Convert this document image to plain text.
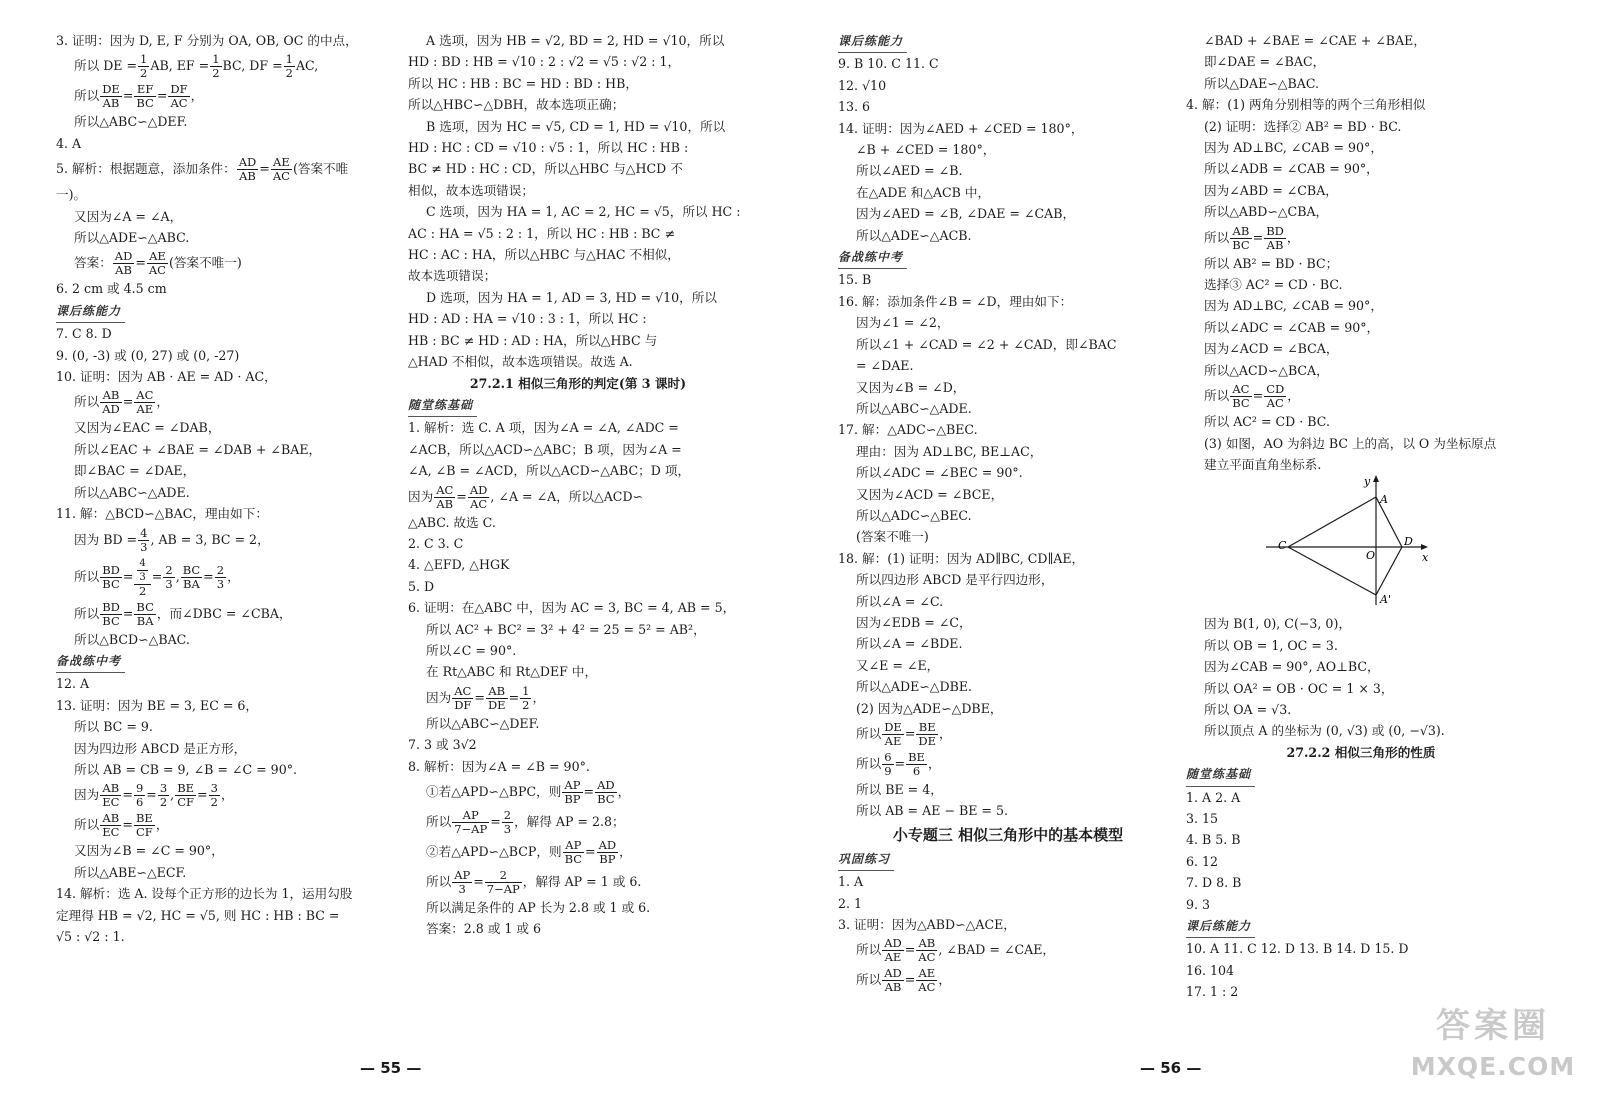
3. 证明：因为 D, E, F 分别为 OA, OB, OC 的中点，
所以 DE = $\frac{1}{2}$ AB, EF = $\frac{1}{2}$ BC, DF = $\frac{1}{2}$ AC,
所以 $\frac{DE}{AB} = \frac{EF}{BC} = \frac{DF}{AC}$ ，
所以△ABC∽△DEF.
4. A
5. 解析：根据题意，添加条件： $\frac{AD}{AB} = \frac{AE}{AC}$ (答案不唯
一)。
又因为∠A = ∠A，
所以△ADE∽△ABC.
答案： $\frac{AD}{AB} = \frac{AE}{AC}$ (答案不唯一)
6. 2 cm 或 4.5 cm
课后练能力
7. C 8. D
9. (0, -3) 或 (0, 27) 或 (0, -27)
10. 证明：因为 AB · AE = AD · AC，
所以 $\frac{AB}{AD} = \frac{AC}{AE}$ ，
又因为∠EAC = ∠DAB，
所以∠EAC + ∠BAE = ∠DAB + ∠BAE，
即∠BAC = ∠DAE，
所以△ABC∽△ADE.
11. 解：△BCD∽△BAC，理由如下：
因为 BD = $\frac{4}{3}$ , AB = 3, BC = 2，
所以 $\frac{BD}{BC} = \frac{\frac{4}{3}}{2} = \frac{2}{3}$ , $\frac{BC}{BA} = \frac{2}{3}$ ，
所以 $\frac{BD}{BC} = \frac{BC}{BA}$ ，而∠DBC = ∠CBA，
所以△BCD∽△BAC.
备战练中考
12. A
13. 证明：因为 BE = 3, EC = 6，
所以 BC = 9.
因为四边形 ABCD 是正方形，
所以 AB = CB = 9, ∠B = ∠C = 90°.
因为 $\frac{AB}{EC} = \frac{9}{6} = \frac{3}{2}$ , $\frac{BE}{CF} = \frac{3}{2}$ ，
所以 $\frac{AB}{EC} = \frac{BE}{CF}$ ，
又因为∠B = ∠C = 90°，
所以△ABE∽△ECF.
14. 解析：选 A. 设每个正方形的边长为 1，运用勾股
定理得 HB = √2, HC = √5, 则 HC : HB : BC =
√5 : √2 : 1.
A 选项，因为 HB = √2, BD = 2, HD = √10，所以
HD : BD : HB = √10 : 2 : √2 = √5 : √2 : 1，
所以 HC : HB : BC = HD : BD : HB，
所以△HBC∽△DBH，故本选项正确；
B 选项，因为 HC = √5, CD = 1, HD = √10，所以
HD : HC : CD = √10 : √5 : 1，所以 HC : HB :
BC ≠ HD : HC : CD，所以△HBC 与△HCD 不
相似，故本选项错误；
C 选项，因为 HA = 1, AC = 2, HC = √5，所以 HC :
AC : HA = √5 : 2 : 1，所以 HC : HB : BC ≠
HC : AC : HA，所以△HBC 与△HAC 不相似，
故本选项错误；
D 选项，因为 HA = 1, AD = 3, HD = √10，所以
HD : AD : HA = √10 : 3 : 1，所以 HC :
HB : BC ≠ HD : AD : HA，所以△HBC 与
△HAD 不相似，故本选项错误。故选 A.
27.2.1 相似三角形的判定(第 3 课时)
随堂练基础
1. 解析：选 C. A 项，因为∠A = ∠A, ∠ADC =
∠ACB，所以△ACD∽△ABC；B 项，因为∠A =
∠A, ∠B = ∠ACD，所以△ACD∽△ABC；D 项，
因为 $\frac{AC}{AB} = \frac{AD}{AC}$ , ∠A = ∠A，所以△ACD∽
△ABC. 故选 C.
2. C 3. C
4. △EFD, △HGK
5. D
6. 证明：在△ABC 中，因为 AC = 3, BC = 4, AB = 5，
所以 AC² + BC² = 3² + 4² = 25 = 5² = AB²，
所以∠C = 90°.
在 Rt△ABC 和 Rt△DEF 中，
因为 $\frac{AC}{DF} = \frac{AB}{DE} = \frac{1}{2}$ ，
所以△ABC∽△DEF.
7. 3 或 3√2
8. 解析：因为∠A = ∠B = 90°.
①若△APD∽△BPC，则 $\frac{AP}{BP} = \frac{AD}{BC}$ ，
所以 $\frac{AP}{7-AP} = \frac{2}{3}$ ，解得 AP = 2.8；
②若△APD∽△BCP，则 $\frac{AP}{BC} = \frac{AD}{BP}$ ，
所以 $\frac{AP}{3} = \frac{2}{7-AP}$ ，解得 AP = 1 或 6.
所以满足条件的 AP 长为 2.8 或 1 或 6.
答案：2.8 或 1 或 6
课后练能力
9. B 10. C 11. C
12. √10
13. 6
14. 证明：因为∠AED + ∠CED = 180°，
∠B + ∠CED = 180°，
所以∠AED = ∠B.
在△ADE 和△ACB 中，
因为∠AED = ∠B, ∠DAE = ∠CAB，
所以△ADE∽△ACB.
备战练中考
15. B
16. 解：添加条件∠B = ∠D，理由如下：
因为∠1 = ∠2，
所以∠1 + ∠CAD = ∠2 + ∠CAD，即∠BAC
= ∠DAE.
又因为∠B = ∠D，
所以△ABC∽△ADE.
17. 解：△ADC∽△BEC.
理由：因为 AD⊥BC, BE⊥AC，
所以∠ADC = ∠BEC = 90°.
又因为∠ACD = ∠BCE，
所以△ADC∽△BEC.
(答案不唯一)
18. 解：(1) 证明：因为 AD∥BC, CD∥AE，
所以四边形 ABCD 是平行四边形，
所以∠A = ∠C.
因为∠EDB = ∠C，
所以∠A = ∠BDE.
又∠E = ∠E，
所以△ADE∽△DBE.
(2) 因为△ADE∽△DBE，
所以 $\frac{DE}{AE} = \frac{BE}{DE}$ ，
所以 $\frac{6}{9} = \frac{BE}{6}$ ，
所以 BE = 4，
所以 AB = AE − BE = 5.
小专题三 相似三角形中的基本模型
巩固练习
1. A
2. 1
3. 证明：因为△ABD∽△ACE，
所以 $\frac{AD}{AE} = \frac{AB}{AC}$ , ∠BAD = ∠CAE，
所以 $\frac{AD}{AB} = \frac{AE}{AC}$ ，
∠BAD + ∠BAE = ∠CAE + ∠BAE，
即∠DAE = ∠BAC，
所以△DAE∽△BAC.
4. 解：(1) 两角分别相等的两个三角形相似
(2) 证明：选择② AB² = BD · BC.
因为 AD⊥BC, ∠CAB = 90°，
所以∠ADB = ∠CAB = 90°，
因为∠ABD = ∠CBA，
所以△ABD∽△CBA，
所以 $\frac{AB}{BC} = \frac{BD}{AB}$ ，
所以 AB² = BD · BC；
选择③ AC² = CD · BC.
因为 AD⊥BC, ∠CAB = 90°，
所以∠ADC = ∠CAB = 90°，
因为∠ACD = ∠BCA，
所以△ACD∽△BCA，
所以 $\frac{AC}{BC} = \frac{CD}{AC}$ ，
所以 AC² = CD · BC.
(3) 如图，AO 为斜边 BC 上的高，以 O 为坐标原点
建立平面直角坐标系.
y
x
A
A'
C
O
D
因为 B(1, 0), C(−3, 0)，
所以 OB = 1, OC = 3.
因为∠CAB = 90°, AO⊥BC，
所以 OA² = OB · OC = 1 × 3，
所以 OA = √3.
所以顶点 A 的坐标为 (0, √3) 或 (0, −√3).
27.2.2 相似三角形的性质
随堂练基础
1. A 2. A
3. 15
4. B 5. B
6. 12
7. D 8. B
9. 3
课后练能力
10. A 11. C 12. D 13. B 14. D 15. D
16. 104
17. 1 : 2
— 55 —	— 56 —
答案圈
MXQE.COM
